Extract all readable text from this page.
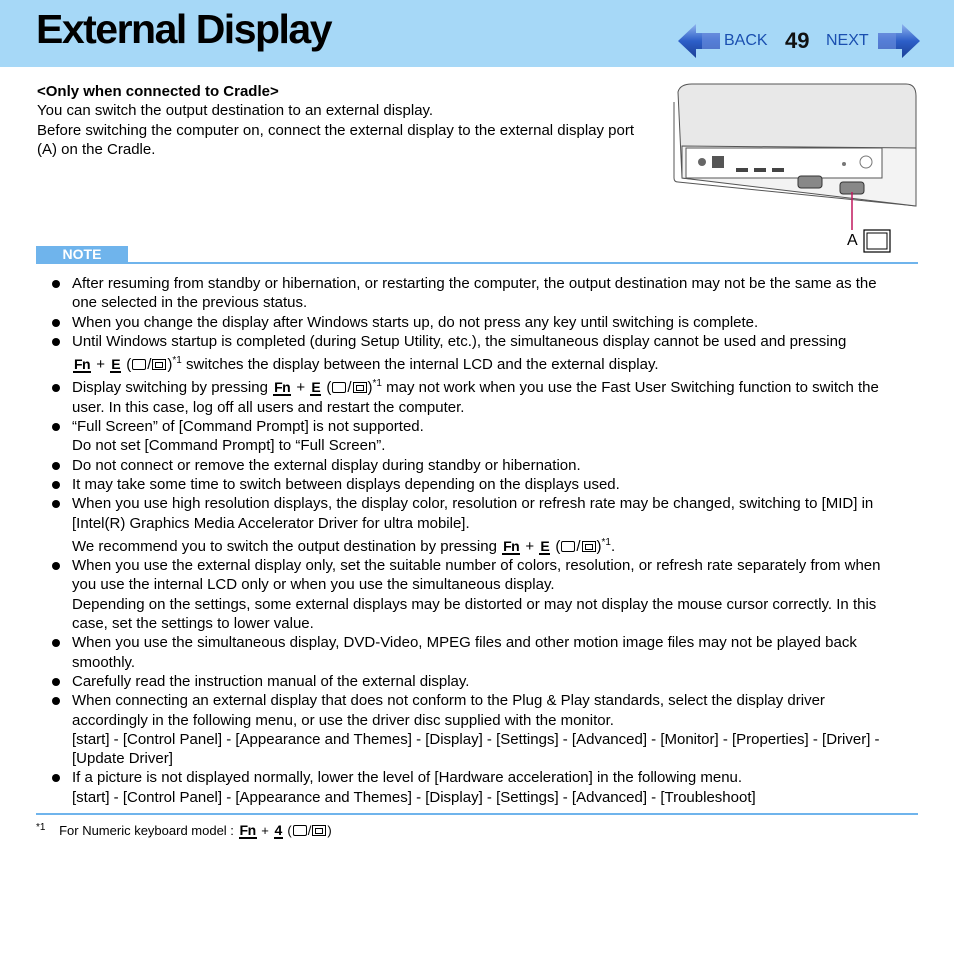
External Display	BACK 49 NEXT
<Only when connected to Cradle>
You can switch the output destination to an external display.
Before switching the computer on, connect the external display to the external display port (A) on the Cradle.
A
NOTE
After resuming from standby or hibernation, or restarting the computer, the output destination may not be the same as the one selected in the previous status.
When you change the display after Windows starts up, do not press any key until switching is complete.
Until Windows startup is completed (during Setup Utility, etc.), the simultaneous display cannot be used and pressing
Fn + E ( / )$^{*1}$ switches the display between the internal LCD and the external display.
Display switching by pressing Fn + E ( / )$^{*1}$ may not work when you use the Fast User Switching function to switch the user. In this case, log off all users and restart the computer.
“Full Screen” of [Command Prompt] is not supported.
Do not set [Command Prompt] to “Full Screen”.
Do not connect or remove the external display during standby or hibernation.
It may take some time to switch between displays depending on the displays used.
When you use high resolution displays, the display color, resolution or refresh rate may be changed, switching to [MID] in [Intel(R) Graphics Media Accelerator Driver for ultra mobile].
We recommend you to switch the output destination by pressing Fn + E ( / )$^{*1}$.
When you use the external display only, set the suitable number of colors, resolution, or refresh rate separately from when you use the internal LCD only or when you use the simultaneous display.
Depending on the settings, some external displays may be distorted or may not display the mouse cursor correctly. In this case, set the settings to lower value.
When you use the simultaneous display, DVD-Video, MPEG files and other motion image files may not be played back smoothly.
Carefully read the instruction manual of the external display.
When connecting an external display that does not conform to the Plug & Play standards, select the display driver accordingly in the following menu, or use the driver disc supplied with the monitor.
[start] - [Control Panel] - [Appearance and Themes] - [Display] - [Settings] - [Advanced] - [Monitor] - [Properties] - [Driver] - [Update Driver]
If a picture is not displayed normally, lower the level of [Hardware acceleration] in the following menu.
[start] - [Control Panel] - [Appearance and Themes] - [Display] - [Settings] - [Advanced] - [Troubleshoot]
$^{*1}$ For Numeric keyboard model : Fn + 4 ( / )
